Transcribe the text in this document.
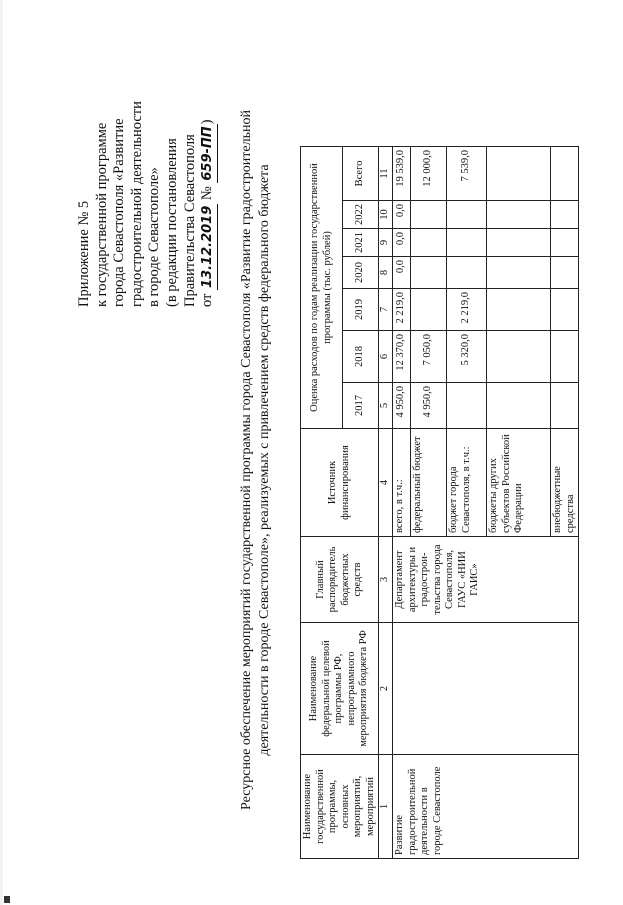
Приложение № 5 к государственной программе города Севастополя «Развитие градостроительной деятельности в городе Севастополе» (в редакции постановления Правительства Севастополя от 13.12.2019 № 659-ПП) Ресурсное обеспечение мероприятий государственной программы города Севастополя «Развитие градостроительной деятельности в городе Севастополе», реализуемых с привлечением средств федерального бюджета
Наименование государственной программы, основных мероприятий, мероприятий	Наименование федеральной целевой программы РФ, непрограммного мероприятия бюджета РФ	Главный распорядитель бюджетных средств	Источник финансирования	Оценка расходов по годам реализации государственной программы (тыс. рублей)						
				2017	2018	2019	2020	2021	2022	Всего
1	2	3	4	5	6	7	8	9	10	11
Развитие градостроительной деятельности в городе Севастополе		Департамент архитектуры и градострои-тельства города Севастополя, ГАУС «НИИ ГАИС»	всего, в т.ч.:	4 950,0	12 370,0	2 219,0	0,0	0,0	0,0	19 539,0
			федеральный бюджет	4 950,0	7 050,0					12 000,0
			бюджет города Севастополя, в т.ч.:		5 320,0	2 219,0				7 539,0
			бюджеты других субъектов Российской Федерации							
			внебюджетные средства							
